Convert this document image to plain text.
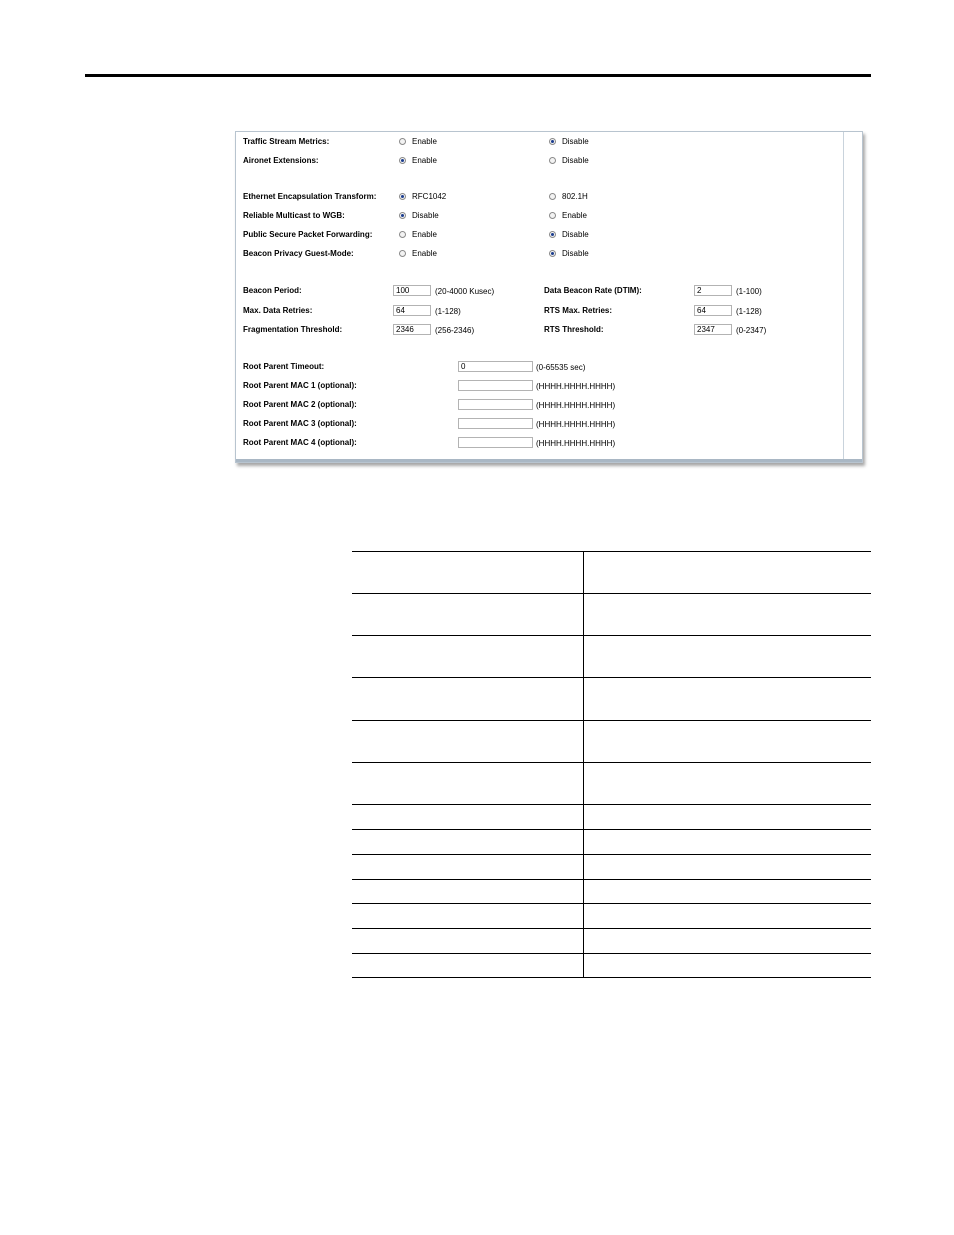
Traffic Stream Metrics:	Enable	Disable
Aironet Extensions:	Enable	Disable
Ethernet Encapsulation Transform:	RFC1042	802.1H
Reliable Multicast to WGB:	Disable	Enable
Public Secure Packet Forwarding:	Enable	Disable
Beacon Privacy Guest-Mode:	Enable	Disable
Beacon Period:
100	(20-4000 Kusec)
Max. Data Retries:
64	(1-128)
Fragmentation Threshold:
2346	(256-2346)
Data Beacon Rate (DTIM):
2	(1-100)
RTS Max. Retries:
64	(1-128)
RTS Threshold:
2347	(0-2347)
Root Parent Timeout:
0	(0-65535 sec)
Root Parent MAC 1 (optional):	(HHHH.HHHH.HHHH)
Root Parent MAC 2 (optional):	(HHHH.HHHH.HHHH)
Root Parent MAC 3 (optional):	(HHHH.HHHH.HHHH)
Root Parent MAC 4 (optional):	(HHHH.HHHH.HHHH)
